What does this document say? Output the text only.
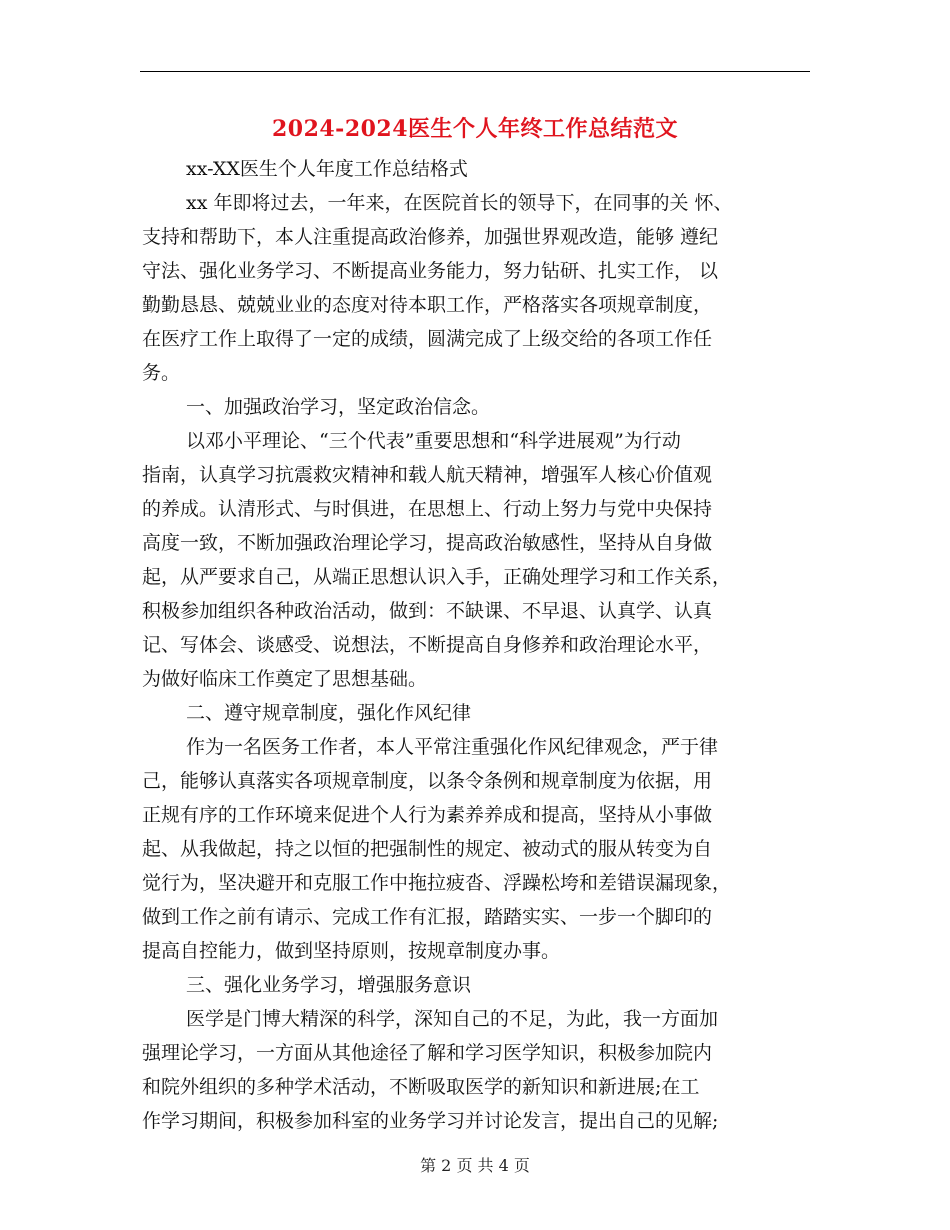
2024-2024医生个人年终工作总结范文
xx-XX医生个人年度工作总结格式
xx 年即将过去，一年来，在医院首长的领导下，在同事的关 怀、
支持和帮助下，本人注重提高政治修养，加强世界观改造，能够 遵纪
守法、强化业务学习、不断提高业务能力，努力钻研、扎实工作， 以
勤勤恳恳、兢兢业业的态度对待本职工作，严格落实各项规章制度，
在医疗工作上取得了一定的成绩，圆满完成了上级交给的各项工作任
务。
一、加强政治学习，坚定政治信念。
以邓小平理论、“三个代表”重要思想和“科学进展观”为行动
指南，认真学习抗震救灾精神和载人航天精神，增强军人核心价值观
的养成。认清形式、与时俱进，在思想上、行动上努力与党中央保持
高度一致，不断加强政治理论学习，提高政治敏感性，坚持从自身做
起，从严要求自己，从端正思想认识入手，正确处理学习和工作关系，
积极参加组织各种政治活动，做到：不缺课、不早退、认真学、认真
记、写体会、谈感受、说想法，不断提高自身修养和政治理论水平，
为做好临床工作奠定了思想基础。
二、遵守规章制度，强化作风纪律
作为一名医务工作者，本人平常注重强化作风纪律观念，严于律
己，能够认真落实各项规章制度，以条令条例和规章制度为依据，用
正规有序的工作环境来促进个人行为素养养成和提高，坚持从小事做
起、从我做起，持之以恒的把强制性的规定、被动式的服从转变为自
觉行为，坚决避开和克服工作中拖拉疲沓、浮躁松垮和差错误漏现象，
做到工作之前有请示、完成工作有汇报，踏踏实实、一步一个脚印的
提高自控能力，做到坚持原则，按规章制度办事。
三、强化业务学习，增强服务意识
医学是门博大精深的科学，深知自己的不足，为此，我一方面加
强理论学习，一方面从其他途径了解和学习医学知识，积极参加院内
和院外组织的多种学术活动，不断吸取医学的新知识和新进展;在工
作学习期间，积极参加科室的业务学习并讨论发言，提出自己的见解;
第 2 页 共 4 页
